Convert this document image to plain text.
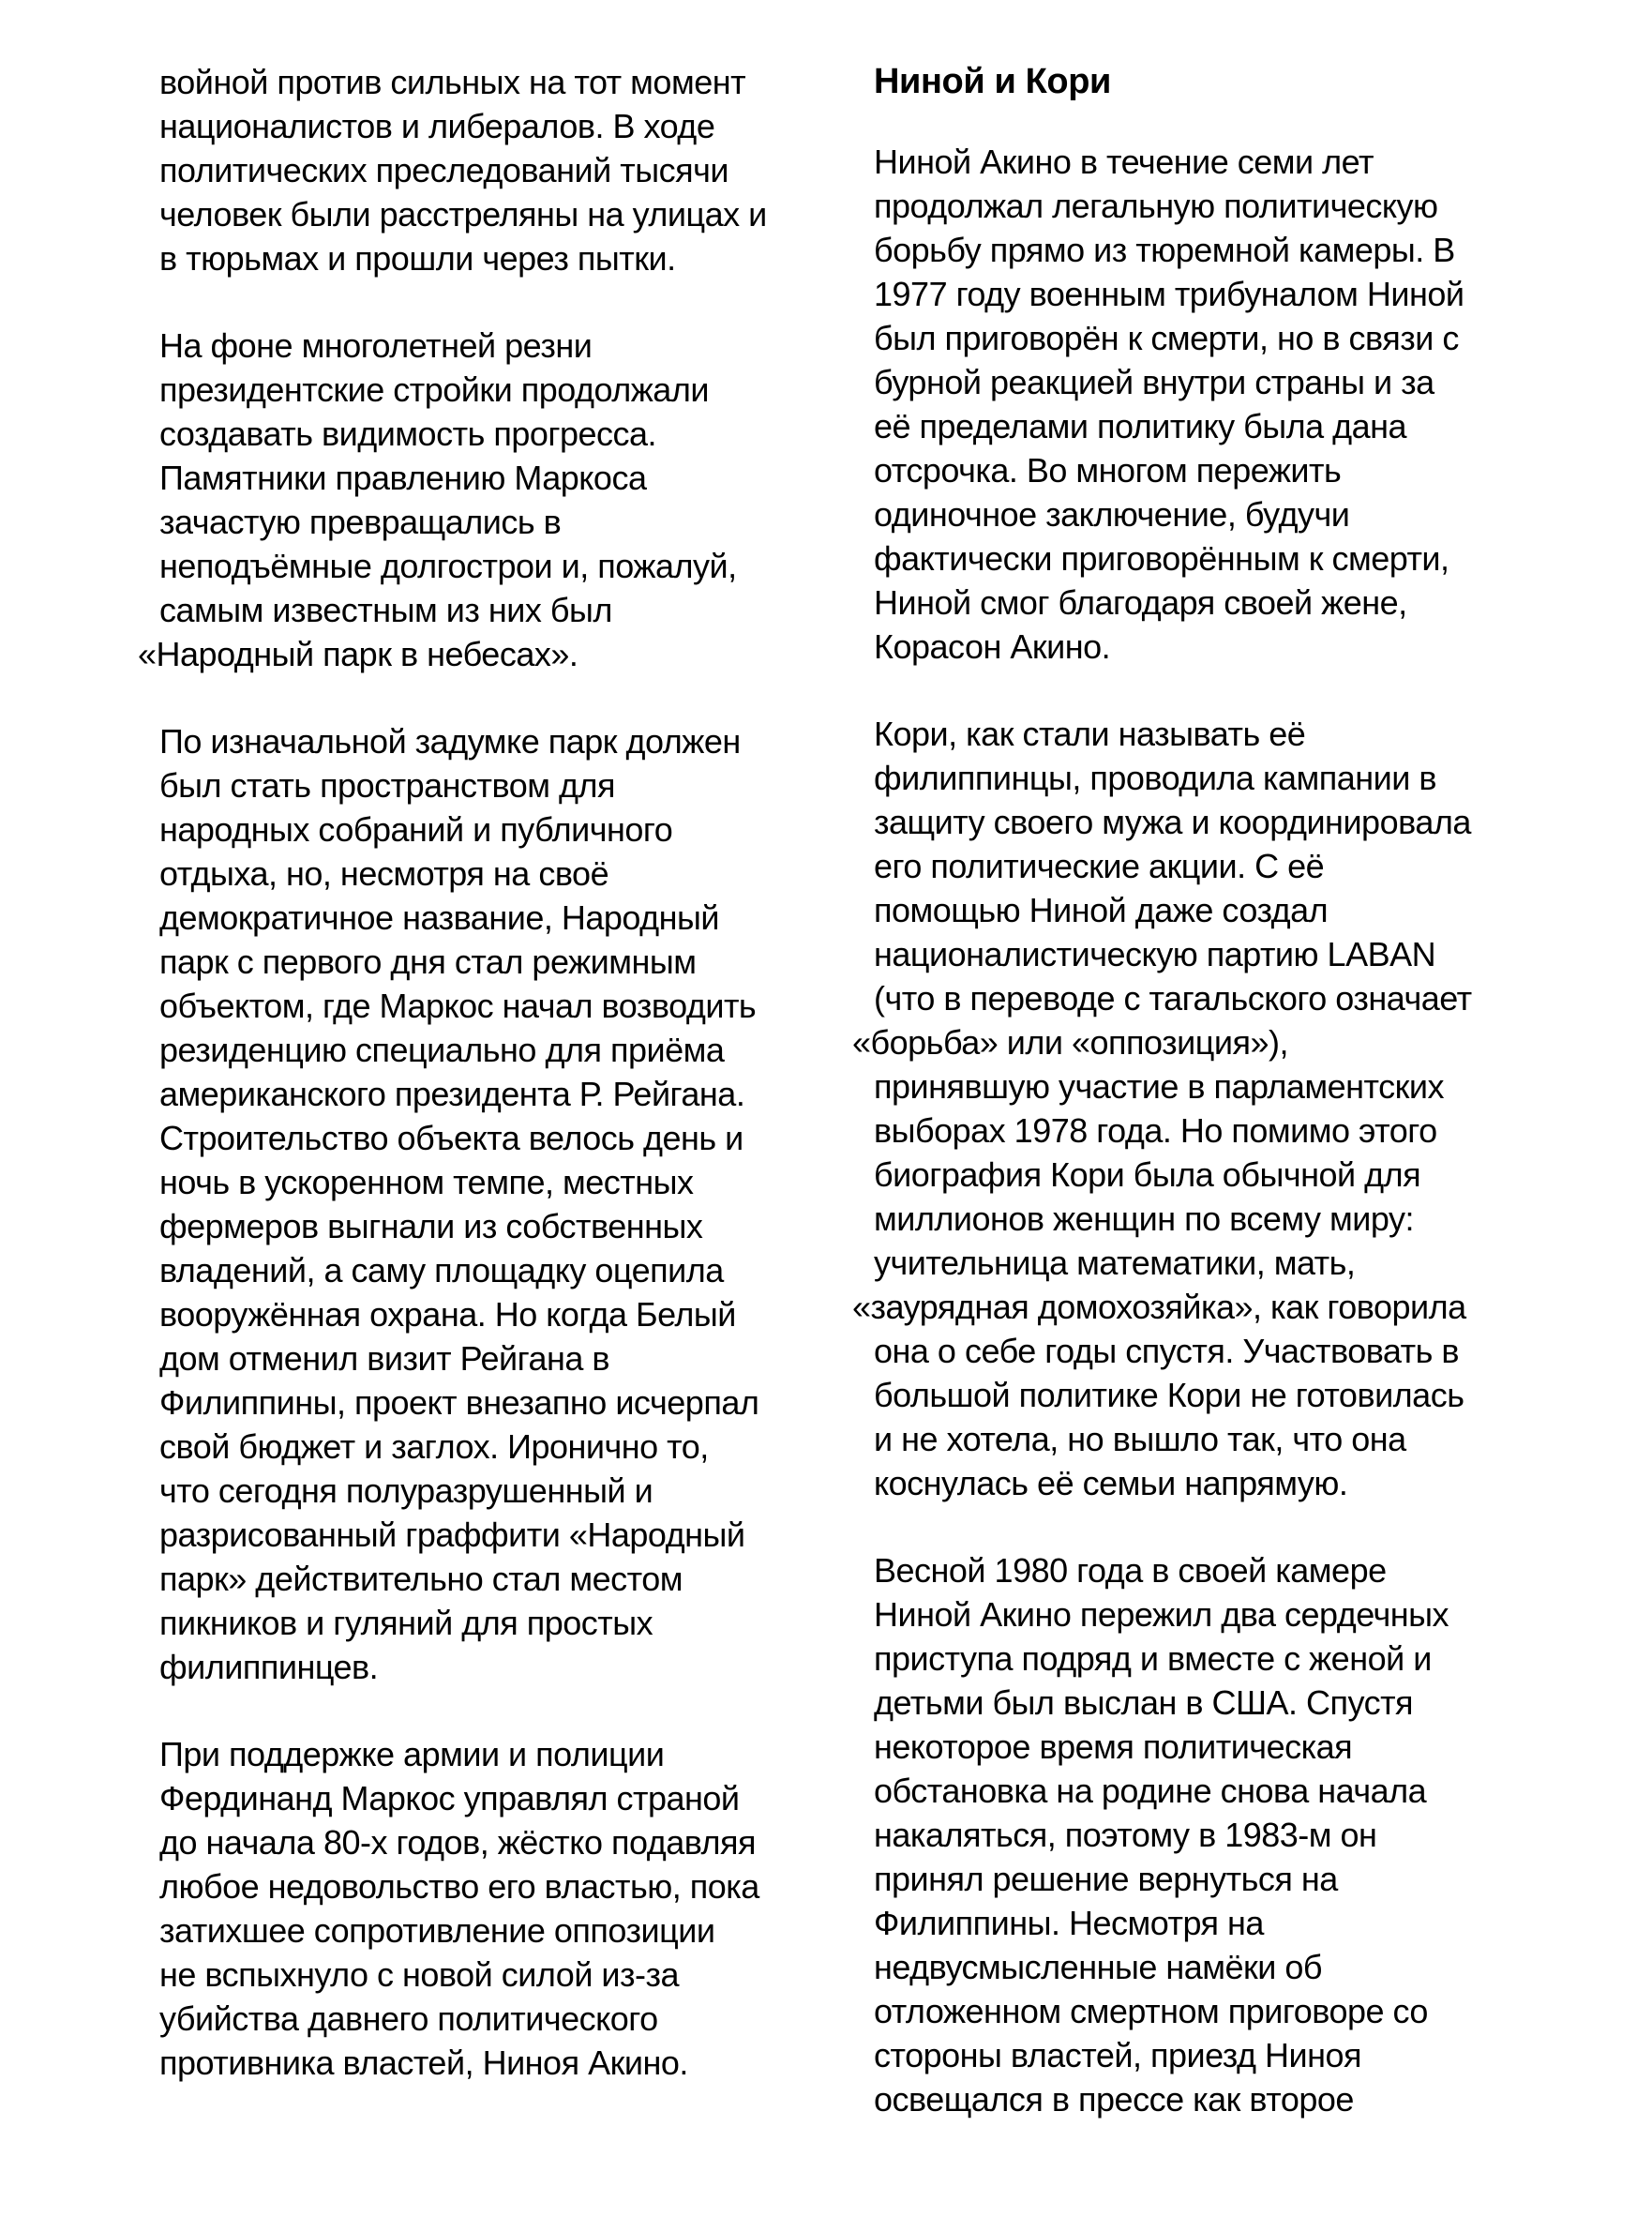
войной против сильных на тот момент
националистов и либералов. В ходе
политических преследований тысячи
человек были расстреляны на улицах и
в тюрьмах и прошли через пытки.

На фоне многолетней резни
президентские стройки продолжали
создавать видимость прогресса.
Памятники правлению Маркоса
зачастую превращались в
неподъёмные долгострои и, пожалуй,
самым известным из них был
«Народный парк в небесах».

По изначальной задумке парк должен
был стать пространством для
народных собраний и публичного
отдыха, но, несмотря на своё
демократичное название, Народный
парк с первого дня стал режимным
объектом, где Маркос начал возводить
резиденцию специально для приёма
американского президента Р. Рейгана.
Строительство объекта велось день и
ночь в ускоренном темпе, местных
фермеров выгнали из собственных
владений, а саму площадку оцепила
вооружённая охрана. Но когда Белый
дом отменил визит Рейгана в
Филиппины, проект внезапно исчерпал
свой бюджет и заглох. Иронично то,
что сегодня полуразрушенный и
разрисованный граффити «Народный
парк» действительно стал местом
пикников и гуляний для простых
филиппинцев.

При поддержке армии и полиции
Фердинанд Маркос управлял страной
до начала 80-х годов, жёстко подавляя
любое недовольство его властью, пока
затихшее сопротивление оппозиции
не вспыхнуло с новой силой из-за
убийства давнего политического
противника властей, Ниноя Акино.

Ниной и Кори

Ниной Акино в течение семи лет
продолжал легальную политическую
борьбу прямо из тюремной камеры. В
1977 году военным трибуналом Ниной
был приговорён к смерти, но в связи с
бурной реакцией внутри страны и за
её пределами политику была дана
отсрочка. Во многом пережить
одиночное заключение, будучи
фактически приговорённым к смерти,
Ниной смог благодаря своей жене,
Корасон Акино.

Кори, как стали называть её
филиппинцы, проводила кампании в
защиту своего мужа и координировала
его политические акции. С её
помощью Ниной даже создал
националистическую партию LABAN
(что в переводе с тагальского означает
«борьба» или «оппозиция»),
принявшую участие в парламентских
выборах 1978 года. Но помимо этого
биография Кори была обычной для
миллионов женщин по всему миру:
учительница математики, мать,
«заурядная домохозяйка», как говорила
она о себе годы спустя. Участвовать в
большой политике Кори не готовилась
и не хотела, но вышло так, что она
коснулась её семьи напрямую.

Весной 1980 года в своей камере
Ниной Акино пережил два сердечных
приступа подряд и вместе с женой и
детьми был выслан в США. Спустя
некоторое время политическая
обстановка на родине снова начала
накаляться, поэтому в 1983-м он
принял решение вернуться на
Филиппины. Несмотря на
недвусмысленные намёки об
отложенном смертном приговоре со
стороны властей, приезд Ниноя
освещался в прессе как второе
